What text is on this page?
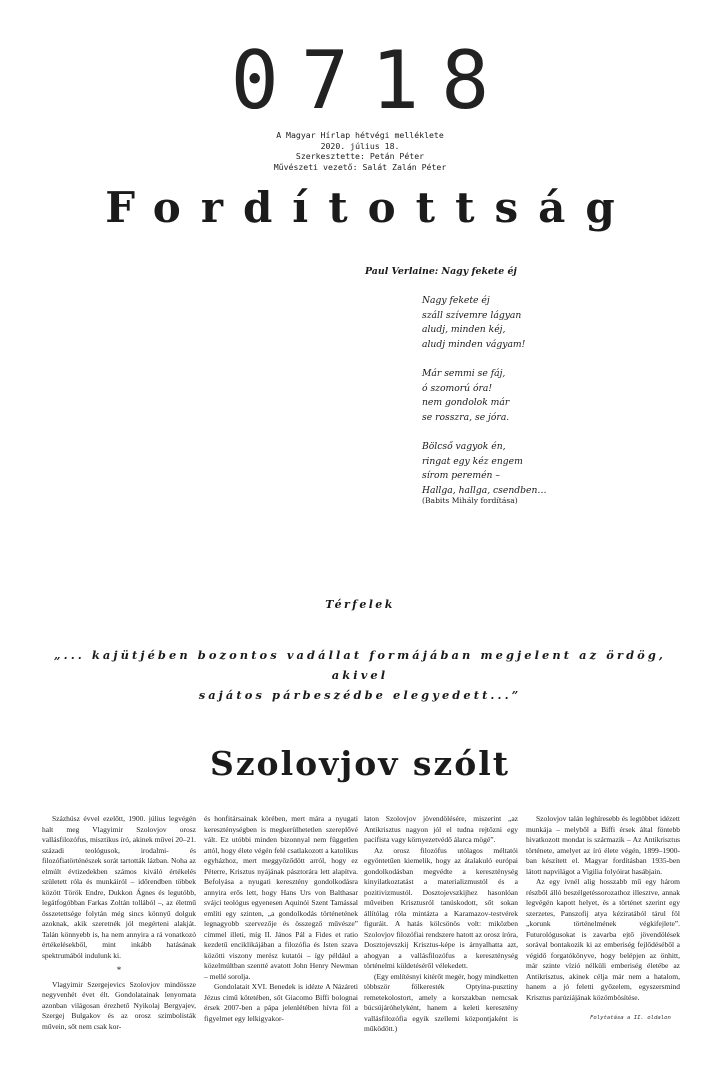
0718
A Magyar Hírlap hétvégi melléklete
2020. július 18.
Szerkesztette: Petán Péter
Művészeti vezető: Salát Zalán Péter
Fordítottság
Paul Verlaine: Nagy fekete éj
Nagy fekete éj
száll szívemre lágyan
aludj, minden kéj,
aludj minden vágyam!
Már semmi se fáj,
ó szomorú óra!
nem gondolok már
se rosszra, se jóra.
Bölcső vagyok én,
ringat egy kéz engem
sírom peremén –
Hallga, hallga, csendben…
(Babits Mihály fordítása)
Térfelek
„... kajütjében bozontos vadállat formájában megjelent az ördög, akivel
sajátos párbeszédbe elegyedett...”
Szolovjov szólt

Százhúsz évvel ezelőtt, 1900. július legvégén halt meg Vlagyimir Szolovjov orosz vallásfilozófus, misztikus író, akinek művei 20–21. századi teológusok, irodalmi- és filozófiatörténészek sorát tartották lázban. Noha az elmúlt évtizedekben számos kiváló értékelés született róla és munkáiról – időrendben többek között Török Endre, Dukkon Ágnes és legutóbb, legátfogóbban Farkas Zoltán tollából –, az életmű összetettsége folytán még sincs könnyű dolguk azoknak, akik szeretnék jól megérteni alakját. Talán könnyebb is, ha nem annyira a rá vonatkozó értékelésekből, mint inkább hatásának spektrumából indulunk ki.

*

Vlagyimir Szergejevics Szolovjov mindössze negyvenhét évet élt. Gondolatainak lenyomata azonban világosan érezhető Nyikolaj Bergyajev, Szergej Bulgakov és az orosz szimbolisták művein, sőt nem csak kor-

és honfitársainak körében, mert mára a nyugati kereszténységben is megkerülhetetlen szereplővé vált. Ez utóbbi minden bizonnyal nem független attól, hogy élete végén felé csatlakozott a katolikus egyházhoz, mert meggyőződött arról, hogy ez Péterre, Krisztus nyájának pásztorára lett alapítva. Befolyása a nyugati keresztény gondolkodásra annyira erős lett, hogy Hans Urs von Balthasar svájci teológus egyenesen Aquinói Szent Tamással említi egy szinten, „a gondolkodás történetének legnagyobb szervezője és összegző művésze” címmel illeti, míg II. János Pál a Fides et ratio kezdetű enciklikájában a filozófia és Isten szava közötti viszony merész kutatói – így például a közelmúltban szentté avatott John Henry Newman – mellé sorolja.

Gondolatait XVI. Benedek is idézte A Názáreti Jézus című kötetében, sőt Giacomo Biffi bolognai érsek 2007-ben a pápa jelenlétében hívta föl a figyelmet egy lelkigyakor-

laton Szolovjov jövendölésére, miszerint „az Antikrisztus nagyon jól el tudna rejtőzni egy pacifista vagy környezetvédő álarca mögé”.

Az orosz filozófus utólagos méltatói egyöntetűen kiemelik, hogy az átalakuló európai gondolkodásban megvédte a kereszténység kinyilatkoztatást a materializmustól és a pozitivizmustól. Dosztojevszkijhez hasonlóan műveiben Krisztusról tanúskodott, sőt sokan állítólag róla mintázta a Karamazov-testvérek figuráit. A hatás kölcsönös volt: miközben Szolovjov filozófiai rendszere hatott az orosz íróra, Dosztojevszkij Krisztus-képe is árnyalhatta azt, ahogyan a vallásfilozófus a kereszténység történelmi küldetéséről vélekedett.

(Egy említésnyi kitérőt megér, hogy mindketten többször fölkeresték Optyina-pusztiny remetekolostort, amely a korszakban nemcsak búcsújáróhelyként, hanem a keleti keresztény vallásfilozófia egyik szellemi központjaként is működött.)

Szolovjov talán leghíresebb és legtöbbet idézett munkája – melyből a Biffi érsek által föntebb hivatkozott mondat is származik – Az Antikrisztus története, amelyet az író élete végén, 1899–1900-ban készített el. Magyar fordításban 1935-ben látott napvilágot a Vigilia folyóirat hasábjain.

Az egy ívnél alig hosszabb mű egy három részből álló beszélgetéssorozathoz illesztve, annak legvégén kapott helyet, és a történet szerint egy szerzetes, Panszofij atya kéziratából tárul föl „korunk történelmének végkifejlete”. Futurológusokat is zavarba ejtő jövendölések sorával bontakozik ki az emberiség fejlődéséből a végidő forgatókönyve, hogy belépjen az önhitt, már szinte vízió nélküli emberiség életébe az Antikrisztus, akinek célja már nem a hatalom, hanem a jó feletti győzelem, egyszersmind Krisztus parúziájának közömbösítése.

Folytatása a II. oldalon
